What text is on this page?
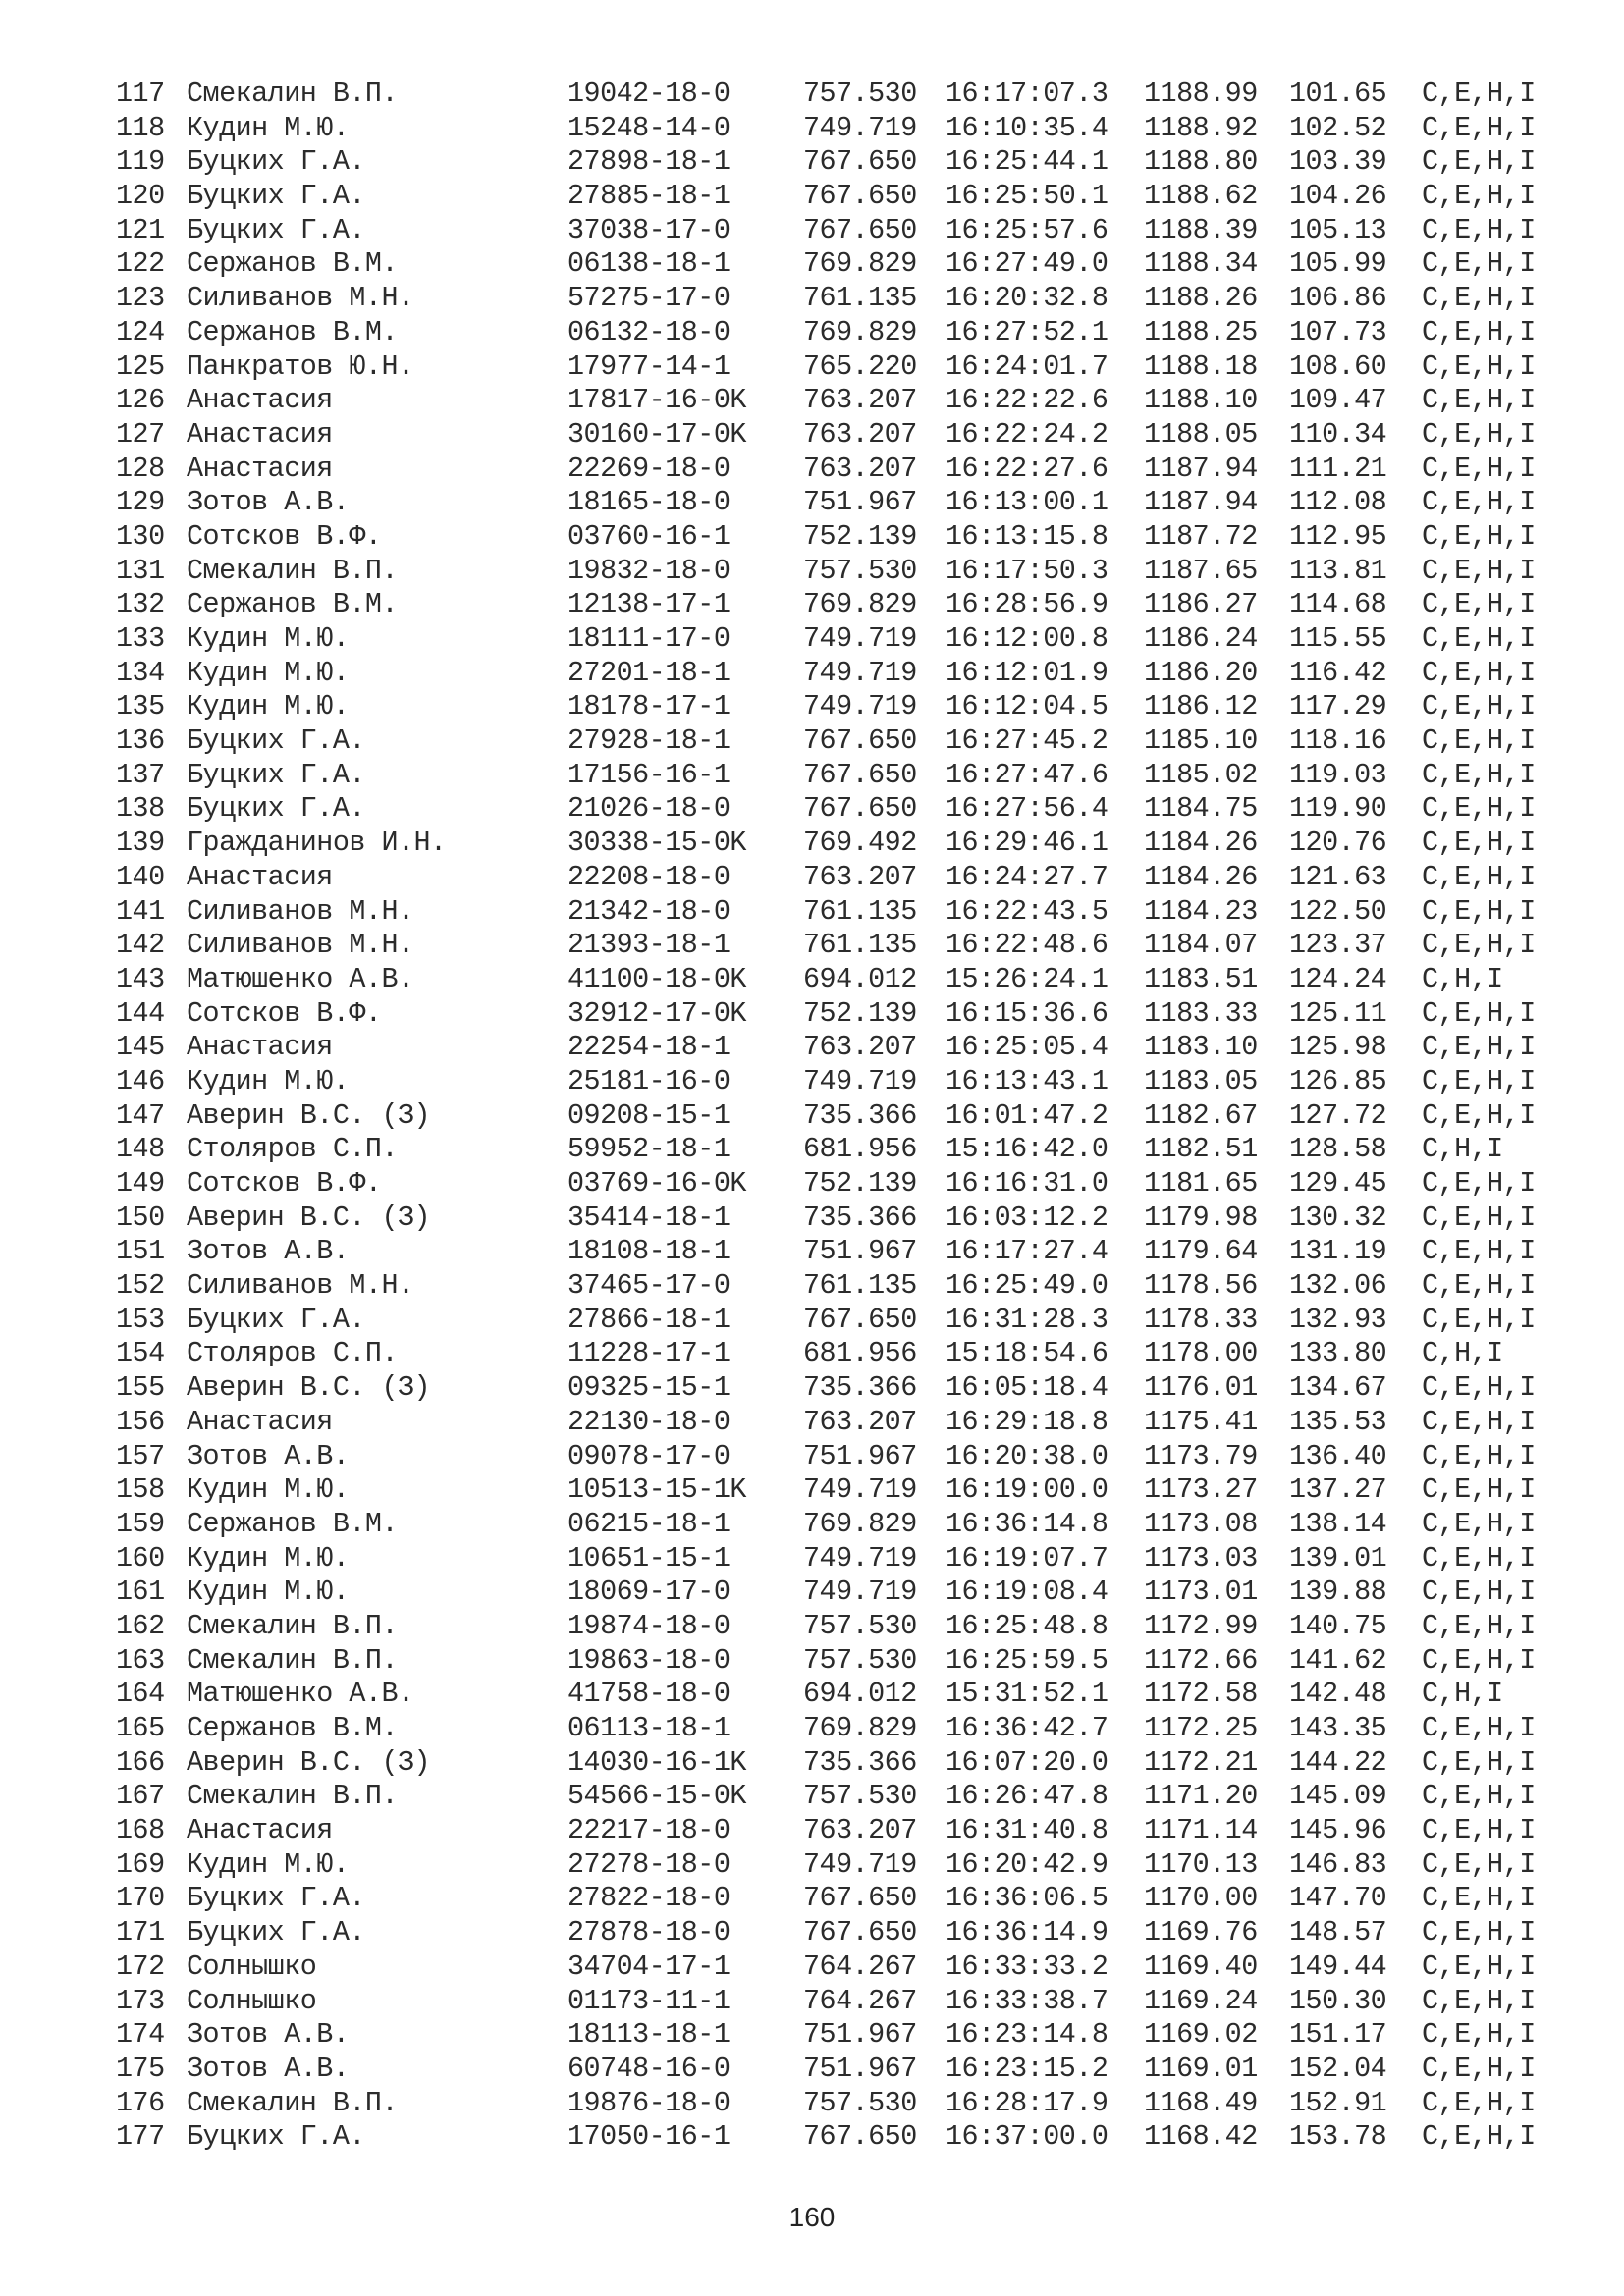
117 Смекалин В.П.	19042-18-0	757.530 16:17:07.3 1188.99 101.65 C,E,H,I
118 Кудин М.Ю.	15248-14-0	749.719 16:10:35.4 1188.92 102.52 C,E,H,I
119 Буцких Г.А.	27898-18-1	767.650 16:25:44.1 1188.80 103.39 C,E,H,I
120 Буцких Г.А.	27885-18-1	767.650 16:25:50.1 1188.62 104.26 C,E,H,I
121 Буцких Г.А.	37038-17-0	767.650 16:25:57.6 1188.39 105.13 C,E,H,I
122 Сержанов В.М.	06138-18-1	769.829 16:27:49.0 1188.34 105.99 C,E,H,I
123 Силиванов М.Н.	57275-17-0	761.135 16:20:32.8 1188.26 106.86 C,E,H,I
124 Сержанов В.М.	06132-18-0	769.829 16:27:52.1 1188.25 107.73 C,E,H,I
125 Панкратов Ю.Н.	17977-14-1	765.220 16:24:01.7 1188.18 108.60 C,E,H,I
126 Анастасия	17817-16-0K 763.207 16:22:22.6 1188.10 109.47 C,E,H,I
127 Анастасия	30160-17-0K 763.207 16:22:24.2 1188.05 110.34 C,E,H,I
128 Анастасия	22269-18-0	763.207 16:22:27.6 1187.94 111.21 C,E,H,I
129 Зотов А.В.	18165-18-0	751.967 16:13:00.1 1187.94 112.08 C,E,H,I
130 Сотсков В.Ф.	03760-16-1	752.139 16:13:15.8 1187.72 112.95 C,E,H,I
131 Смекалин В.П.	19832-18-0	757.530 16:17:50.3 1187.65 113.81 C,E,H,I
132 Сержанов В.М.	12138-17-1	769.829 16:28:56.9 1186.27 114.68 C,E,H,I
133 Кудин М.Ю.	18111-17-0	749.719 16:12:00.8 1186.24 115.55 C,E,H,I
134 Кудин М.Ю.	27201-18-1	749.719 16:12:01.9 1186.20 116.42 C,E,H,I
135 Кудин М.Ю.	18178-17-1	749.719 16:12:04.5 1186.12 117.29 C,E,H,I
136 Буцких Г.А.	27928-18-1	767.650 16:27:45.2 1185.10 118.16 C,E,H,I
137 Буцких Г.А.	17156-16-1	767.650 16:27:47.6 1185.02 119.03 C,E,H,I
138 Буцких Г.А.	21026-18-0	767.650 16:27:56.4 1184.75 119.90 C,E,H,I
139 Гражданинов И.Н.	30338-15-0K 769.492 16:29:46.1 1184.26 120.76 C,E,H,I
140 Анастасия	22208-18-0	763.207 16:24:27.7 1184.26 121.63 C,E,H,I
141 Силиванов М.Н.	21342-18-0	761.135 16:22:43.5 1184.23 122.50 C,E,H,I
142 Силиванов М.Н.	21393-18-1	761.135 16:22:48.6 1184.07 123.37 C,E,H,I
143 Матюшенко А.В.	41100-18-0K 694.012 15:26:24.1 1183.51 124.24 C,H,I
144 Сотсков В.Ф.	32912-17-0K 752.139 16:15:36.6 1183.33 125.11 C,E,H,I
145 Анастасия	22254-18-1	763.207 16:25:05.4 1183.10 125.98 C,E,H,I
146 Кудин М.Ю.	25181-16-0	749.719 16:13:43.1 1183.05 126.85 C,E,H,I
147 Аверин В.С. (З)	09208-15-1	735.366 16:01:47.2 1182.67 127.72 C,E,H,I
148 Столяров С.П.	59952-18-1	681.956 15:16:42.0 1182.51 128.58 C,H,I
149 Сотсков В.Ф.	03769-16-0K 752.139 16:16:31.0 1181.65 129.45 C,E,H,I
150 Аверин В.С. (З)	35414-18-1	735.366 16:03:12.2 1179.98 130.32 C,E,H,I
151 Зотов А.В.	18108-18-1	751.967 16:17:27.4 1179.64 131.19 C,E,H,I
152 Силиванов М.Н.	37465-17-0	761.135 16:25:49.0 1178.56 132.06 C,E,H,I
153 Буцких Г.А.	27866-18-1	767.650 16:31:28.3 1178.33 132.93 C,E,H,I
154 Столяров С.П.	11228-17-1	681.956 15:18:54.6 1178.00 133.80 C,H,I
155 Аверин В.С. (З)	09325-15-1	735.366 16:05:18.4 1176.01 134.67 C,E,H,I
156 Анастасия	22130-18-0	763.207 16:29:18.8 1175.41 135.53 C,E,H,I
157 Зотов А.В.	09078-17-0	751.967 16:20:38.0 1173.79 136.40 C,E,H,I
158 Кудин М.Ю.	10513-15-1K 749.719 16:19:00.0 1173.27 137.27 C,E,H,I
159 Сержанов В.М.	06215-18-1	769.829 16:36:14.8 1173.08 138.14 C,E,H,I
160 Кудин М.Ю.	10651-15-1	749.719 16:19:07.7 1173.03 139.01 C,E,H,I
161 Кудин М.Ю.	18069-17-0	749.719 16:19:08.4 1173.01 139.88 C,E,H,I
162 Смекалин В.П.	19874-18-0	757.530 16:25:48.8 1172.99 140.75 C,E,H,I
163 Смекалин В.П.	19863-18-0	757.530 16:25:59.5 1172.66 141.62 C,E,H,I
164 Матюшенко А.В.	41758-18-0	694.012 15:31:52.1 1172.58 142.48 C,H,I
165 Сержанов В.М.	06113-18-1	769.829 16:36:42.7 1172.25 143.35 C,E,H,I
166 Аверин В.С. (З)	14030-16-1K 735.366 16:07:20.0 1172.21 144.22 C,E,H,I
167 Смекалин В.П.	54566-15-0K 757.530 16:26:47.8 1171.20 145.09 C,E,H,I
168 Анастасия	22217-18-0	763.207 16:31:40.8 1171.14 145.96 C,E,H,I
169 Кудин М.Ю.	27278-18-0	749.719 16:20:42.9 1170.13 146.83 C,E,H,I
170 Буцких Г.А.	27822-18-0	767.650 16:36:06.5 1170.00 147.70 C,E,H,I
171 Буцких Г.А.	27878-18-0	767.650 16:36:14.9 1169.76 148.57 C,E,H,I
172 Солнышко	34704-17-1	764.267 16:33:33.2 1169.40 149.44 C,E,H,I
173 Солнышко	01173-11-1	764.267 16:33:38.7 1169.24 150.30 C,E,H,I
174 Зотов А.В.	18113-18-1	751.967 16:23:14.8 1169.02 151.17 C,E,H,I
175 Зотов А.В.	60748-16-0	751.967 16:23:15.2 1169.01 152.04 C,E,H,I
176 Смекалин В.П.	19876-18-0	757.530 16:28:17.9 1168.49 152.91 C,E,H,I
177 Буцких Г.А.	17050-16-1	767.650 16:37:00.0 1168.42 153.78 C,E,H,I
160
